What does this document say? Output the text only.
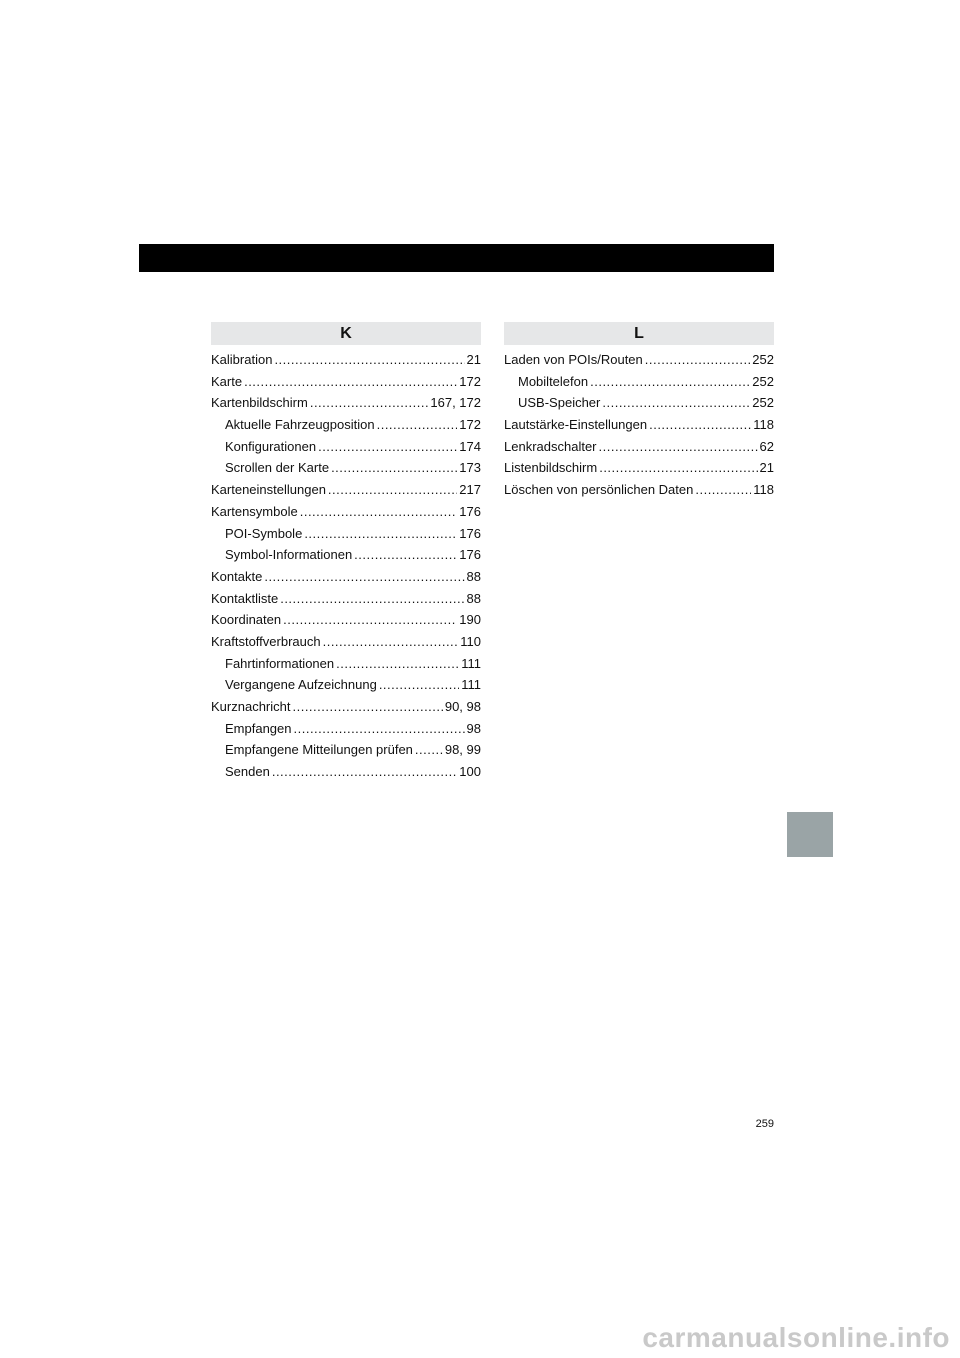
K
Kalibration .....	21
Karte .....	172
Kartenbildschirm .....	167, 172
Aktuelle Fahrzeugposition .....	172
Konfigurationen .....	174
Scrollen der Karte .....	173
Karteneinstellungen .....	217
Kartensymbole .....	176
POI-Symbole .....	176
Symbol-Informationen .....	176
Kontakte .....	88
Kontaktliste .....	88
Koordinaten .....	190
Kraftstoffverbrauch .....	110
Fahrtinformationen .....	111
Vergangene Aufzeichnung .....	111
Kurznachricht .....	90, 98
Empfangen .....	98
Empfangene Mitteilungen prüfen ..... 98, 99
Senden .....	100
L
Laden von POIs/Routen .....	252
Mobiltelefon .....	252
USB-Speicher .....	252
Lautstärke-Einstellungen .....	118
Lenkradschalter .....	62
Listenbildschirm .....	21
Löschen von persönlichen Daten .....	118
259
carmanualsonline.info
